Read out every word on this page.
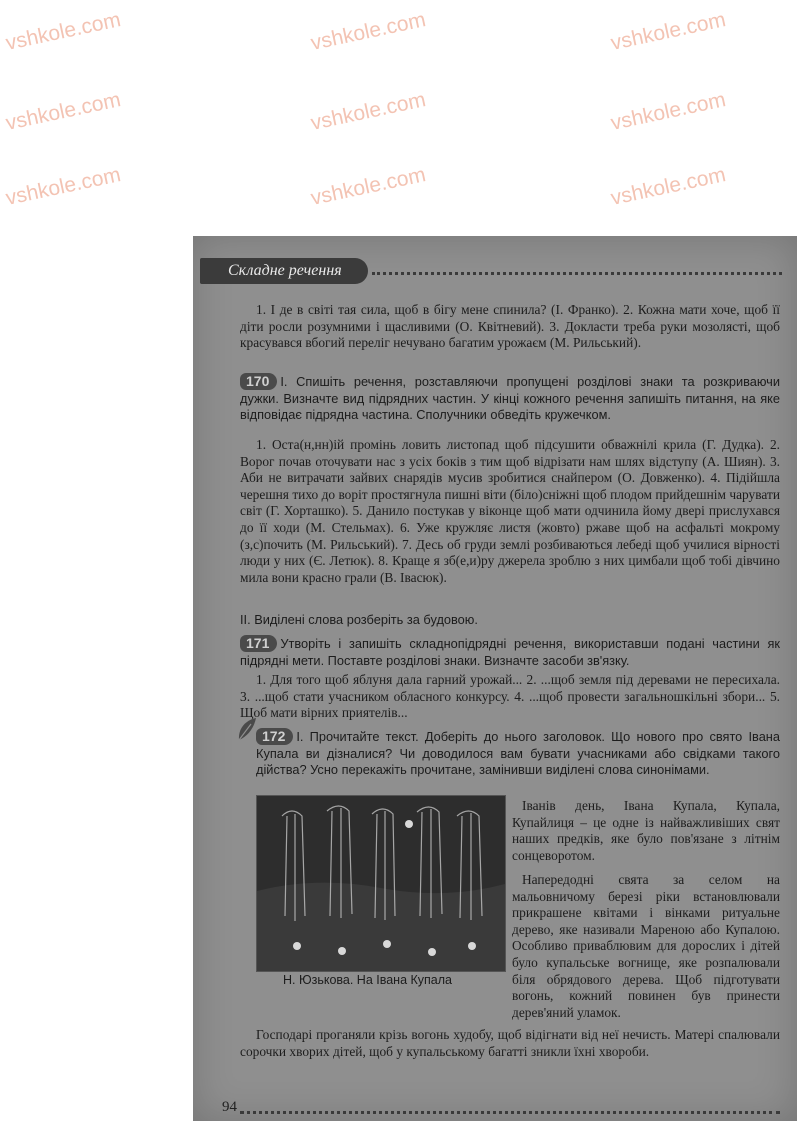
vshkole.com	vshkole.com	vshkole.com
vshkole.com	vshkole.com	vshkole.com
vshkole.com	vshkole.com	vshkole.com
Складне речення
1. І де в світі тая сила, щоб в бігу мене спинила? (І. Франко). 2. Кожна мати хоче, щоб її діти росли розумними і щасливими (О. Квітневий). 3. Докласти треба руки мозолясті, щоб красувався вбогий переліг нечувано багатим урожаєм (М. Рильський).
170 І. Спишіть речення, розставляючи пропущені розділові знаки та розкриваючи дужки. Визначте вид підрядних частин. У кінці кожного речення запишіть питання, на яке відповідає підрядна частина. Сполучники обведіть кружечком.
1. Оста(н,нн)ій промінь ловить листопад щоб підсушити обважнілі крила (Г. Дудка). 2. Ворог почав оточувати нас з усіх боків з тим щоб відрізати нам шлях відступу (А. Шиян). 3. Аби не витрачати зайвих снарядів мусив зробитися снайпером (О. Довженко). 4. Підійшла черешня тихо до воріт простягнула пишні віти (біло)сніжні щоб плодом прийдешнім чарувати світ (Г. Хорташко). 5. Данило постукав у віконце щоб мати одчинила йому двері прислухався до її ходи (М. Стельмах). 6. Уже кружляє листя (жовто) ржаве щоб на асфальті мокрому (з,с)почить (М. Рильський). 7. Десь об груди землі розбиваються лебеді щоб училися вірності люди у них (Є. Летюк). 8. Краще я зб(е,и)ру джерела зроблю з них цимбали щоб тобі дівчино мила вони красно грали (В. Івасюк).
II. Виділені слова розберіть за будовою.
171 Утворіть і запишіть складнопідрядні речення, використавши подані частини як підрядні мети. Поставте розділові знаки. Визначте засоби зв'язку.
1. Для того щоб яблуня дала гарний урожай... 2. ...щоб земля під деревами не пересихала. 3. ...щоб стати учасником обласного конкурсу. 4. ...щоб провести загальношкільні збори... 5. Щоб мати вірних приятелів...
172 І. Прочитайте текст. Доберіть до нього заголовок. Що нового про свято Івана Купала ви дізналися? Чи доводилося вам бувати учасниками або свідками такого дійства? Усно перекажіть прочитане, замінивши виділені слова синонімами.
Н. Юзькова. На Івана Купала
Іванів день, Івана Купала, Купала, Купайлиця – це одне із найважливіших свят наших предків, яке було пов'язане з літнім сонцеворотом.
Напередодні свята за селом на мальовничому березі ріки встановлювали прикрашене квітами і вінками ритуальне дерево, яке називали Мареною або Купалою. Особливо приваблювим для дорослих і дітей було купальське вогнище, яке розпалювали біля обрядового дерева. Щоб підготувати вогонь, кожний повинен був принести дерев'яний уламок.
Господарі проганяли крізь вогонь худобу, щоб відігнати від неї нечисть. Матері спалювали сорочки хворих дітей, щоб у купальському багатті зникли їхні хвороби.
94
